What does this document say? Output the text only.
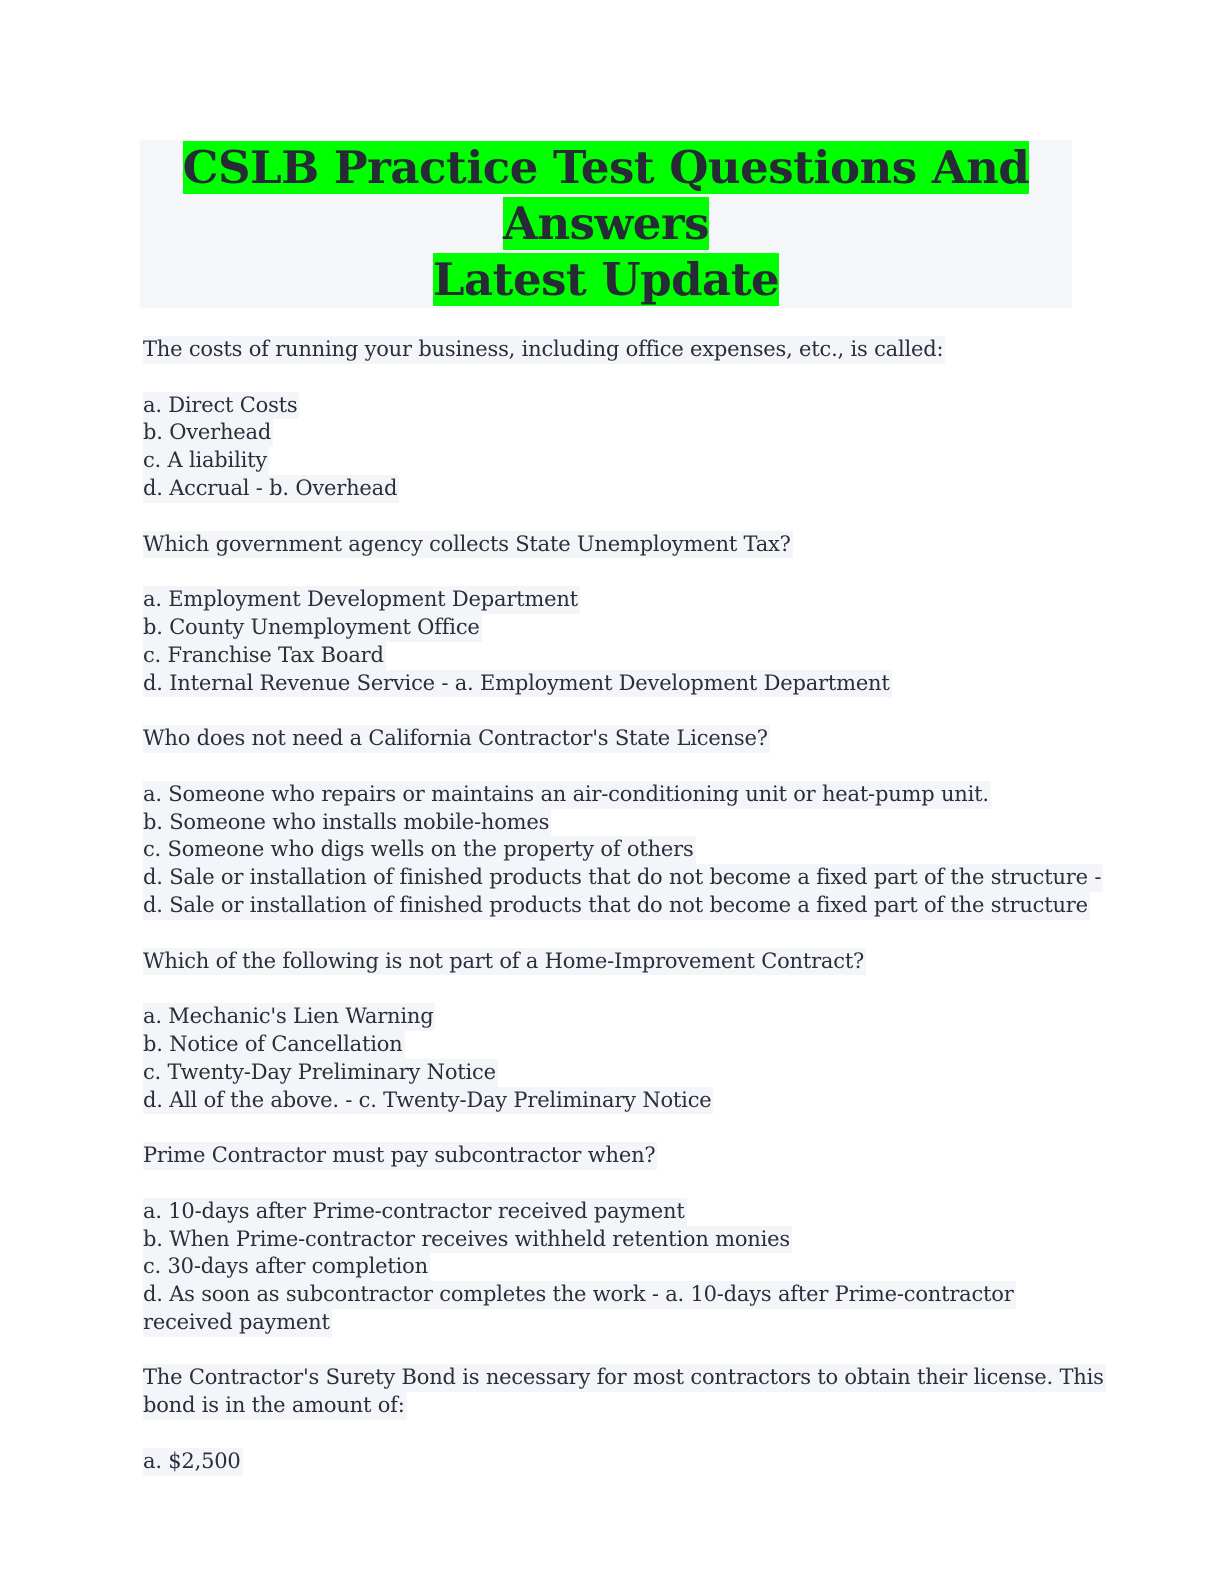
CSLB Practice Test Questions And Answers
Latest Update
The costs of running your business, including office expenses, etc., is called:
a. Direct Costs
b. Overhead
c. A liability
d. Accrual - b. Overhead
Which government agency collects State Unemployment Tax?
a. Employment Development Department
b. County Unemployment Office
c. Franchise Tax Board
d. Internal Revenue Service - a. Employment Development Department
Who does not need a California Contractor's State License?
a. Someone who repairs or maintains an air-conditioning unit or heat-pump unit.
b. Someone who installs mobile-homes
c. Someone who digs wells on the property of others
d. Sale or installation of finished products that do not become a fixed part of the structure -
d. Sale or installation of finished products that do not become a fixed part of the structure
Which of the following is not part of a Home-Improvement Contract?
a. Mechanic's Lien Warning
b. Notice of Cancellation
c. Twenty-Day Preliminary Notice
d. All of the above. - c. Twenty-Day Preliminary Notice
Prime Contractor must pay subcontractor when?
a. 10-days after Prime-contractor received payment
b. When Prime-contractor receives withheld retention monies
c. 30-days after completion
d. As soon as subcontractor completes the work - a. 10-days after Prime-contractor
received payment
The Contractor's Surety Bond is necessary for most contractors to obtain their license. This
bond is in the amount of:
a. $2,500
